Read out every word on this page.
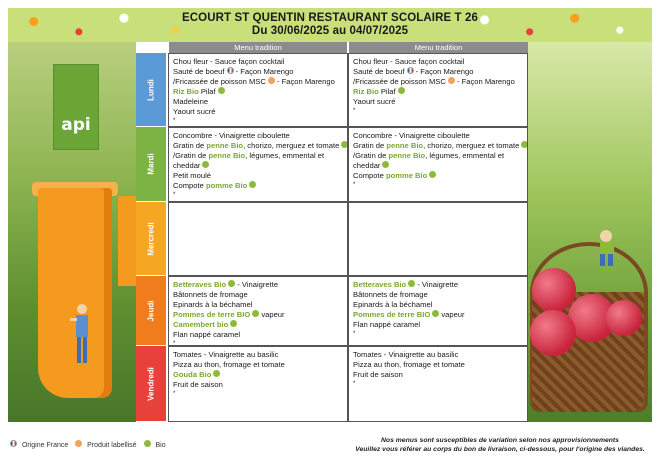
ECOURT ST QUENTIN RESTAURANT SCOLAIRE T 26
Du 30/06/2025 au 04/07/2025
api
Menu tradition	Menu tradition
Lundi
Chou fleur - Sauce façon cocktail
Sauté de boeuf - Façon Marengo
/Fricassée de poisson MSC - Façon Marengo
Riz Bio Pilaf
Madeleine
Yaourt sucré
*
Chou fleur - Sauce façon cocktail
Sauté de boeuf - Façon Marengo
/Fricassée de poisson MSC - Façon Marengo
Riz Bio Pilaf
Yaourt sucré
*
Mardi
Concombre - Vinaigrette ciboulette
Gratin de penne Bio, chorizo, merguez et tomate
/Gratin de penne Bio, légumes, emmental et
cheddar
Petit moulé
Compote pomme Bio
*
Concombre - Vinaigrette ciboulette
Gratin de penne Bio, chorizo, merguez et tomate
/Gratin de penne Bio, légumes, emmental et
cheddar
Compote pomme Bio
*
Mercredi
Jeudi
Betteraves Bio - Vinaigrette
Bâtonnets de fromage
Epinards à la béchamel
Pommes de terre BIO vapeur
Camembert bio
Flan nappé caramel
*
Betteraves Bio - Vinaigrette
Bâtonnets de fromage
Epinards à la béchamel
Pommes de terre BIO vapeur
Flan nappé caramel
*
Vendredi
Tomates - Vinaigrette au basilic
Pizza au thon, fromage et tomate
Gouda Bio
Fruit de saison
*
Tomates - Vinaigrette au basilic
Pizza au thon, fromage et tomate
Fruit de saison
*
Origine France	Produit labellisé	Bio
Nos menus sont susceptibles de variation selon nos approvisionnements
Veuillez vous référer au corps du bon de livraison, ci-dessous, pour l'origine des viandes.
